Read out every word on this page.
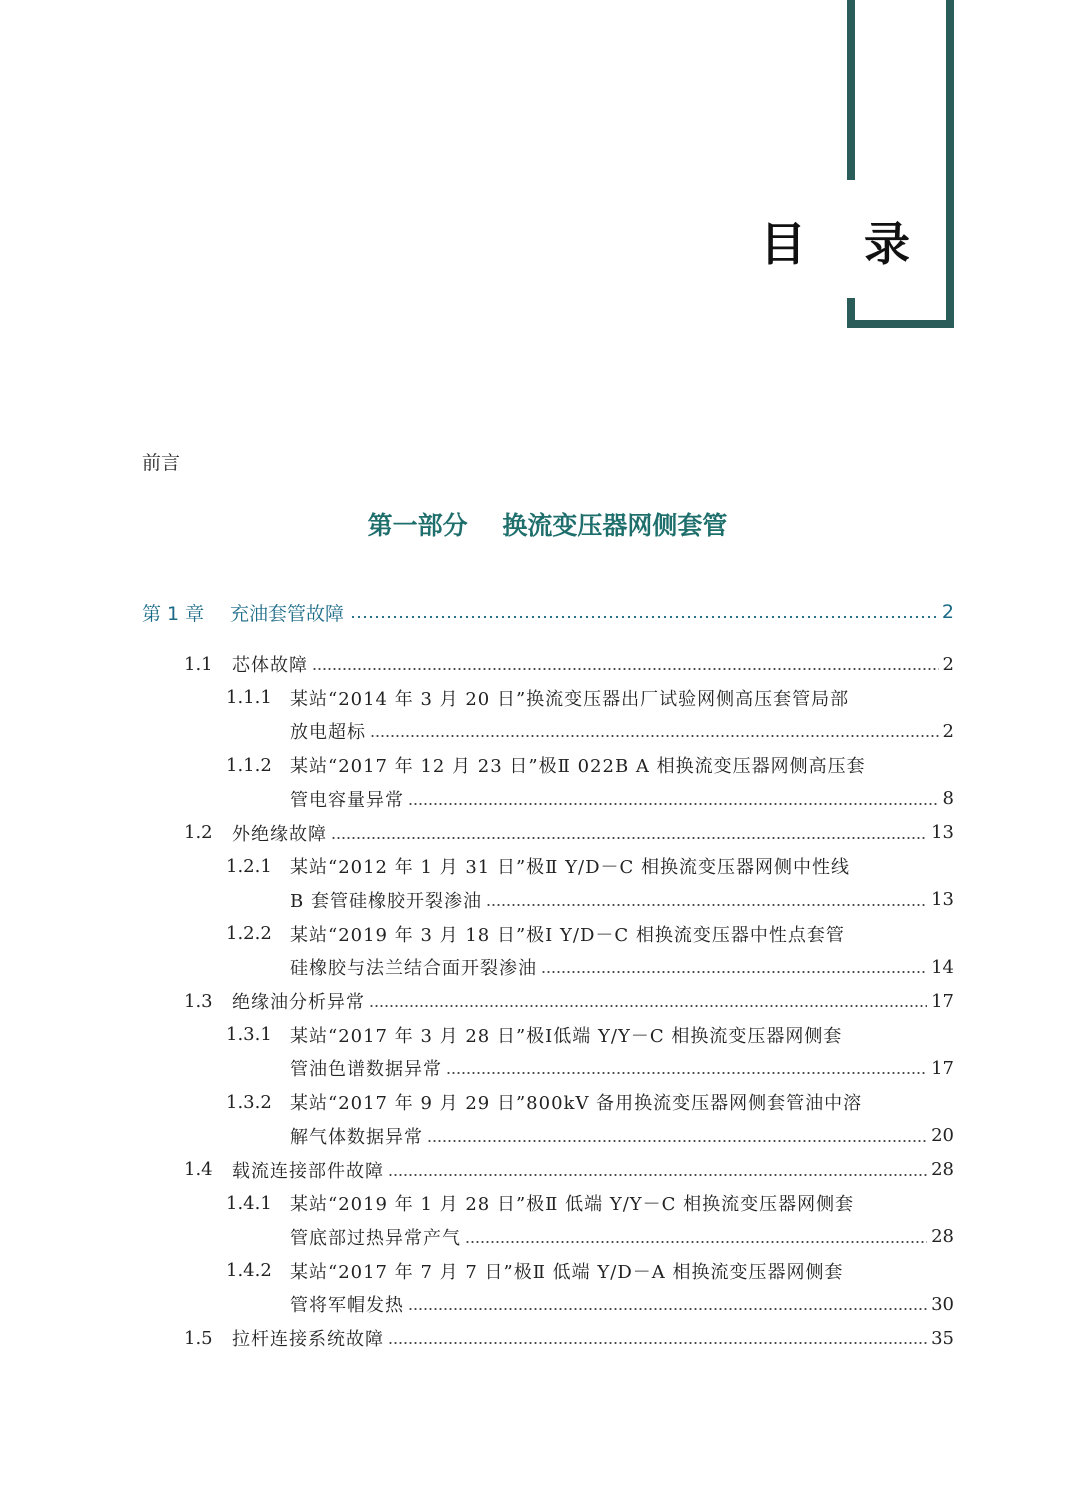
目 录
前言
第一部分 换流变压器网侧套管
第 1 章	充油套管故障	2
1.1	芯体故障	2
1.1.1	某站“2014 年 3 月 20 日”换流变压器出厂试验网侧高压套管局部
放电超标	2
1.1.2	某站“2017 年 12 月 23 日”极Ⅱ 022B A 相换流变压器网侧高压套
管电容量异常	8
1.2	外绝缘故障	13
1.2.1	某站“2012 年 1 月 31 日”极Ⅱ Y/D－C 相换流变压器网侧中性线
B 套管硅橡胶开裂渗油	13
1.2.2	某站“2019 年 3 月 18 日”极Ⅰ Y/D－C 相换流变压器中性点套管
硅橡胶与法兰结合面开裂渗油	14
1.3	绝缘油分析异常	17
1.3.1	某站“2017 年 3 月 28 日”极Ⅰ低端 Y/Y－C 相换流变压器网侧套
管油色谱数据异常	17
1.3.2	某站“2017 年 9 月 29 日”800kV 备用换流变压器网侧套管油中溶
解气体数据异常	20
1.4	载流连接部件故障	28
1.4.1	某站“2019 年 1 月 28 日”极Ⅱ 低端 Y/Y－C 相换流变压器网侧套
管底部过热异常产气	28
1.4.2	某站“2017 年 7 月 7 日”极Ⅱ 低端 Y/D－A 相换流变压器网侧套
管将军帽发热	30
1.5	拉杆连接系统故障	35
